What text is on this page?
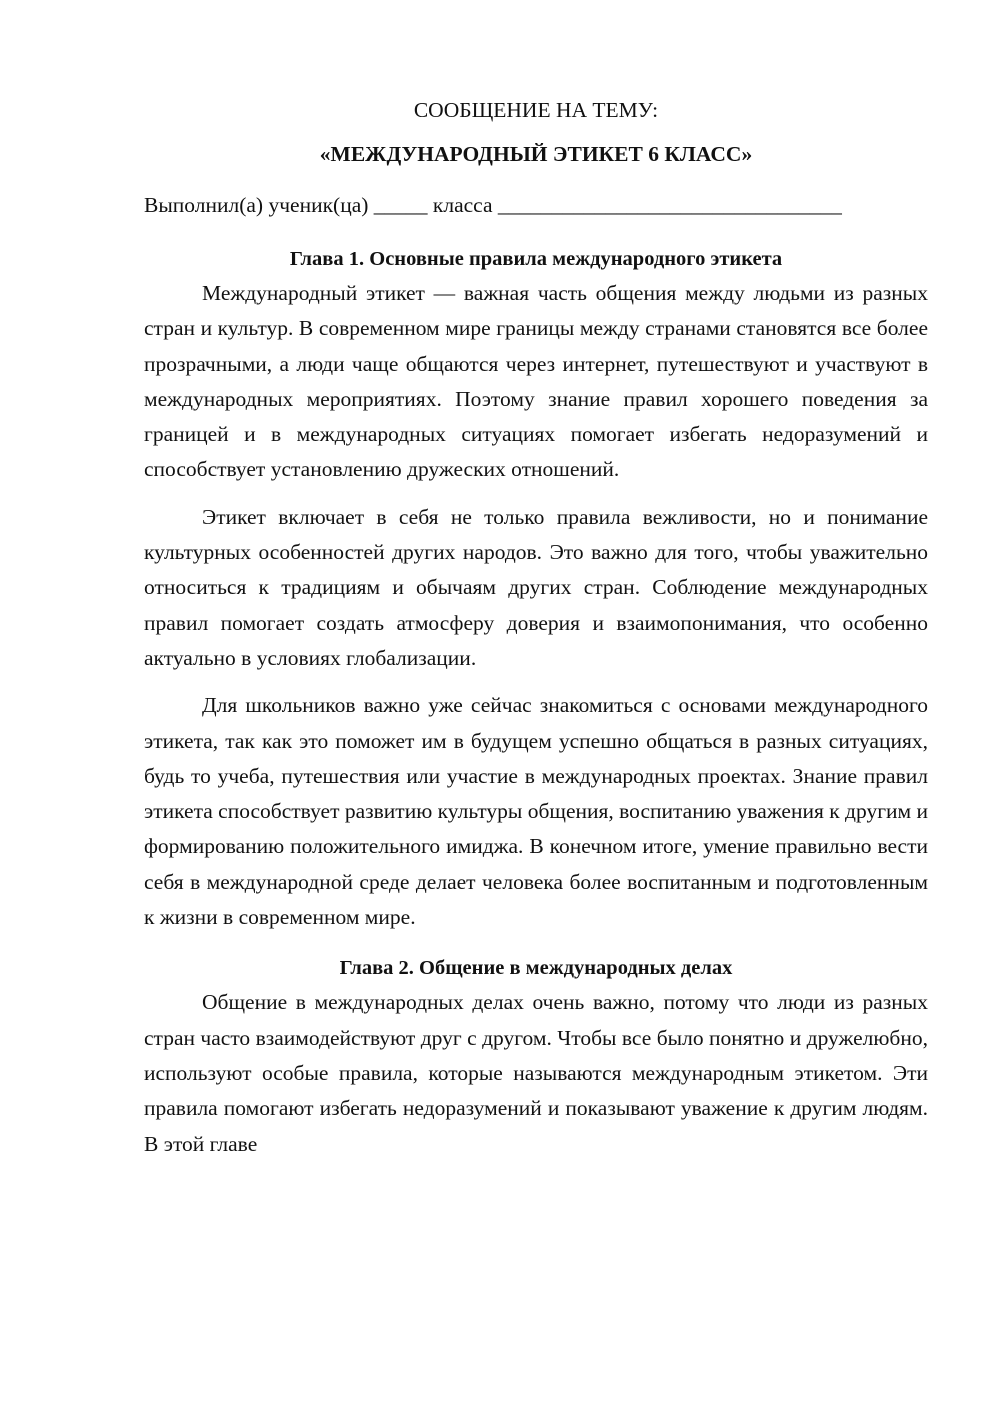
СООБЩЕНИЕ НА ТЕМУ:

«МЕЖДУНАРОДНЫЙ ЭТИКЕТ 6 КЛАСС»

Выполнил(а) ученик(ца) _____ класса ________________________________
Глава 1. Основные правила международного этикета

Международный этикет — важная часть общения между людьми из разных стран и культур. В современном мире границы между странами становятся все более прозрачными, а люди чаще общаются через интернет, путешествуют и участвуют в международных мероприятиях. Поэтому знание правил хорошего поведения за границей и в международных ситуациях помогает избегать недоразумений и способствует установлению дружеских отношений.

Этикет включает в себя не только правила вежливости, но и понимание культурных особенностей других народов. Это важно для того, чтобы уважительно относиться к традициям и обычаям других стран. Соблюдение международных правил помогает создать атмосферу доверия и взаимопонимания, что особенно актуально в условиях глобализации.

Для школьников важно уже сейчас знакомиться с основами международного этикета, так как это поможет им в будущем успешно общаться в разных ситуациях, будь то учеба, путешествия или участие в международных проектах. Знание правил этикета способствует развитию культуры общения, воспитанию уважения к другим и формированию положительного имиджа. В конечном итоге, умение правильно вести себя в международной среде делает человека более воспитанным и подготовленным к жизни в современном мире.

Глава 2. Общение в международных делах

Общение в международных делах очень важно, потому что люди из разных стран часто взаимодействуют друг с другом. Чтобы все было понятно и дружелюбно, используют особые правила, которые называются международным этикетом. Эти правила помогают избегать недоразумений и показывают уважение к другим людям. В этой главе
